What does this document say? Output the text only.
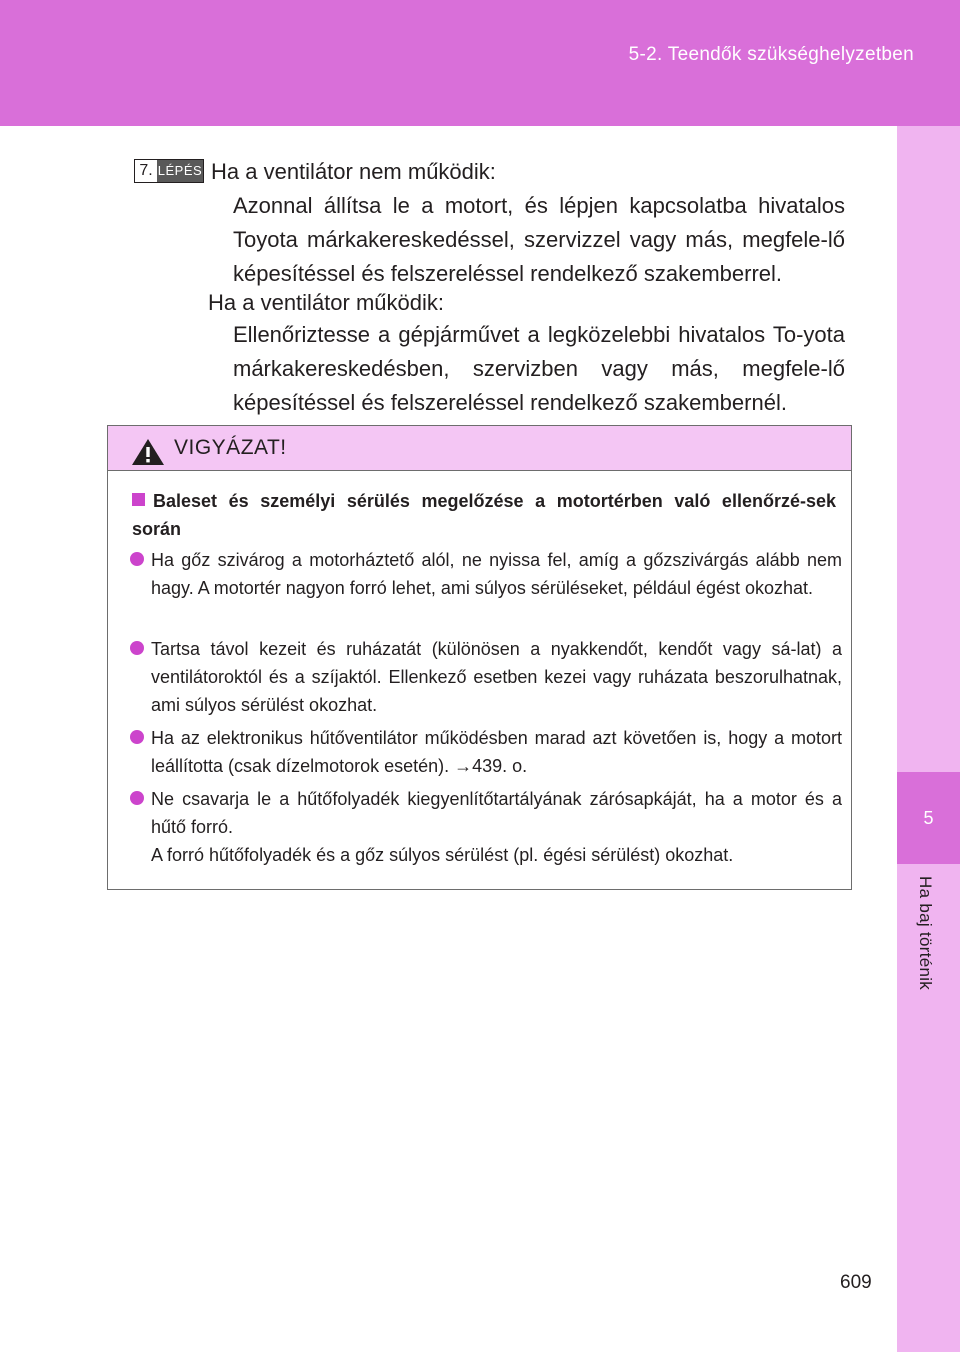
5-2. Teendők szükséghelyzetben
5
Ha baj történik
7. LÉPÉS Ha a ventilátor nem működik:
Azonnal állítsa le a motort, és lépjen kapcsolatba hivatalos Toyota márkakereskedéssel, szervizzel vagy más, megfele-lő képesítéssel és felszereléssel rendelkező szakemberrel.
Ha a ventilátor működik:
Ellenőriztesse a gépjárművet a legközelebbi hivatalos To-yota márkakereskedésben, szervizben vagy más, megfele-lő képesítéssel és felszereléssel rendelkező szakembernél.
VIGYÁZAT!
Baleset és személyi sérülés megelőzése a motortérben való ellenőrzé-sek során
Ha gőz szivárog a motorháztető alól, ne nyissa fel, amíg a gőzszivárgás alább nem hagy. A motortér nagyon forró lehet, ami súlyos sérüléseket, például égést okozhat.
Tartsa távol kezeit és ruházatát (különösen a nyakkendőt, kendőt vagy sá-lat) a ventilátoroktól és a szíjaktól. Ellenkező esetben kezei vagy ruházata beszorulhatnak, ami súlyos sérülést okozhat.
Ha az elektronikus hűtőventilátor működésben marad azt követően is, hogy a motort leállította (csak dízelmotorok esetén). →439. o.
Ne csavarja le a hűtőfolyadék kiegyenlítőtartályának zárósapkáját, ha a motor és a hűtő forró.
A forró hűtőfolyadék és a gőz súlyos sérülést (pl. égési sérülést) okozhat.
609
